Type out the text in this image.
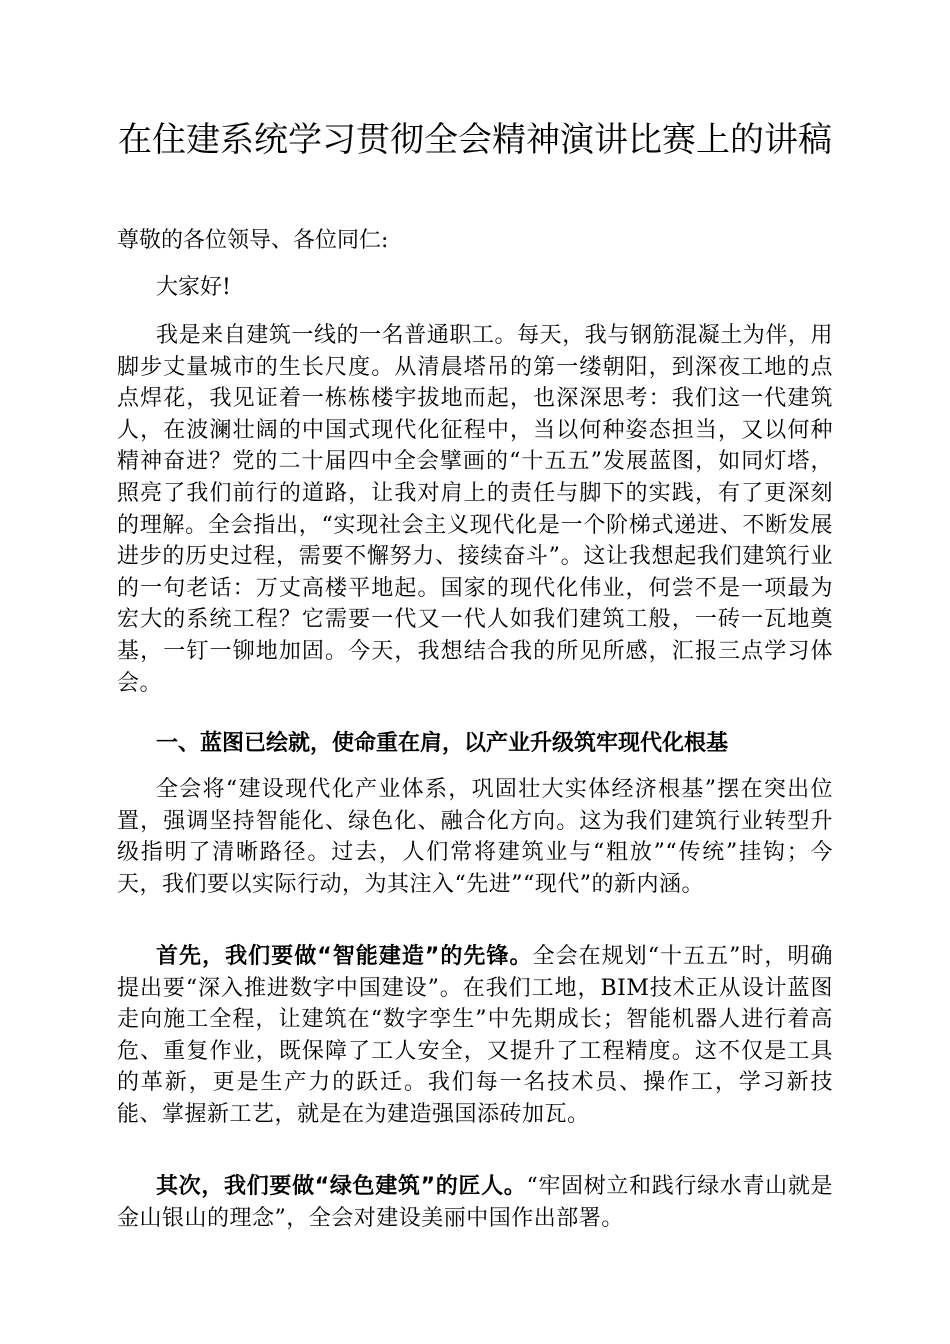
在住建系统学习贯彻全会精神演讲比赛上的讲稿

尊敬的各位领导、各位同仁:

大家好!

我是来自建筑一线的一名普通职工。每天，我与钢筋混凝土为伴，用脚步丈量城市的生长尺度。从清晨塔吊的第一缕朝阳，到深夜工地的点点焊花，我见证着一栋栋楼宇拔地而起，也深深思考：我们这一代建筑人，在波澜壮阔的中国式现代化征程中，当以何种姿态担当，又以何种精神奋进？党的二十届四中全会擘画的“十五五”发展蓝图，如同灯塔，照亮了我们前行的道路，让我对肩上的责任与脚下的实践，有了更深刻的理解。全会指出，“实现社会主义现代化是一个阶梯式递进、不断发展进步的历史过程，需要不懈努力、接续奋斗”。这让我想起我们建筑行业的一句老话：万丈高楼平地起。国家的现代化伟业，何尝不是一项最为宏大的系统工程？它需要一代又一代人如我们建筑工般，一砖一瓦地奠基，一钉一铆地加固。今天，我想结合我的所见所感，汇报三点学习体会。

一、蓝图已绘就，使命重在肩，以产业升级筑牢现代化根基

全会将“建设现代化产业体系，巩固壮大实体经济根基”摆在突出位置，强调坚持智能化、绿色化、融合化方向。这为我们建筑行业转型升级指明了清晰路径。过去，人们常将建筑业与“粗放”“传统”挂钩；今天，我们要以实际行动，为其注入“先进”“现代”的新内涵。

首先，我们要做“智能建造”的先锋。全会在规划“十五五”时，明确提出要“深入推进数字中国建设”。在我们工地，BIM技术正从设计蓝图走向施工全程，让建筑在“数字孪生”中先期成长；智能机器人进行着高危、重复作业，既保障了工人安全，又提升了工程精度。这不仅是工具的革新，更是生产力的跃迁。我们每一名技术员、操作工，学习新技能、掌握新工艺，就是在为建造强国添砖加瓦。

其次，我们要做“绿色建筑”的匠人。“牢固树立和践行绿水青山就是金山银山的理念”，全会对建设美丽中国作出部署。
